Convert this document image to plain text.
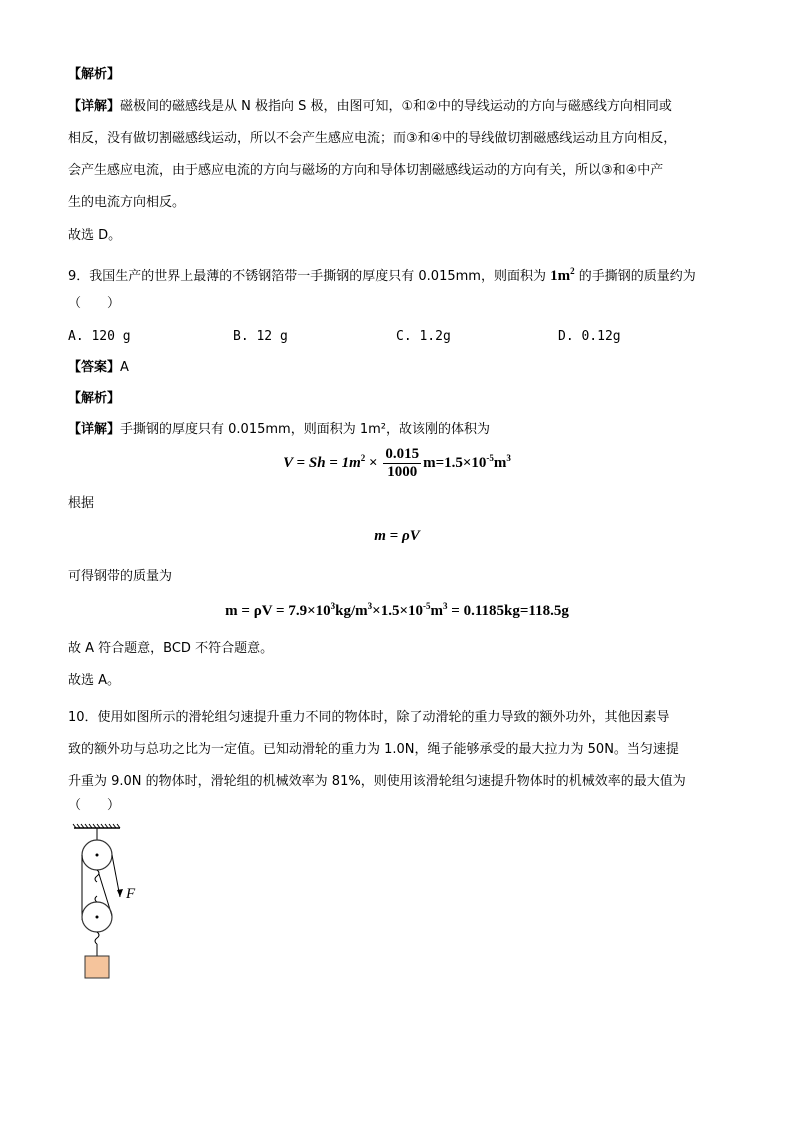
【解析】
【详解】磁极间的磁感线是从 N 极指向 S 极，由图可知，①和②中的导线运动的方向与磁感线方向相同或
相反，没有做切割磁感线运动，所以不会产生感应电流；而③和④中的导线做切割磁感线运动且方向相反，
会产生感应电流，由于感应电流的方向与磁场的方向和导体切割磁感线运动的方向有关，所以③和④中产
生的电流方向相反。
故选 D。
9．我国生产的世界上最薄的不锈钢箔带一手撕钢的厚度只有 0.015mm，则面积为 $1m^2$ 的手撕钢的质量约为
（　　）
A. 120 g	B. 12 g	C. 1.2g	D. 0.12g
【答案】A
【解析】
【详解】手撕钢的厚度只有 0.015mm，则面积为 1m²，故该刚的体积为
$V = Sh = 1m^2 \times \frac{0.015}{1000} m=1.5\times 10^{-5}m^3$
根据
m = ρV
可得钢带的质量为
$m = \rho V = 7.9\times 10^3kg/m^3\times 1.5\times 10^{-5}m^3 = 0.1185kg=118.5g$
故 A 符合题意，BCD 不符合题意。
故选 A。
10．使用如图所示的滑轮组匀速提升重力不同的物体时，除了动滑轮的重力导致的额外功外，其他因素导
致的额外功与总功之比为一定值。已知动滑轮的重力为 1.0N，绳子能够承受的最大拉力为 50N。当匀速提
升重为 9.0N 的物体时，滑轮组的机械效率为 81%，则使用该滑轮组匀速提升物体时的机械效率的最大值为
（　　）
F
